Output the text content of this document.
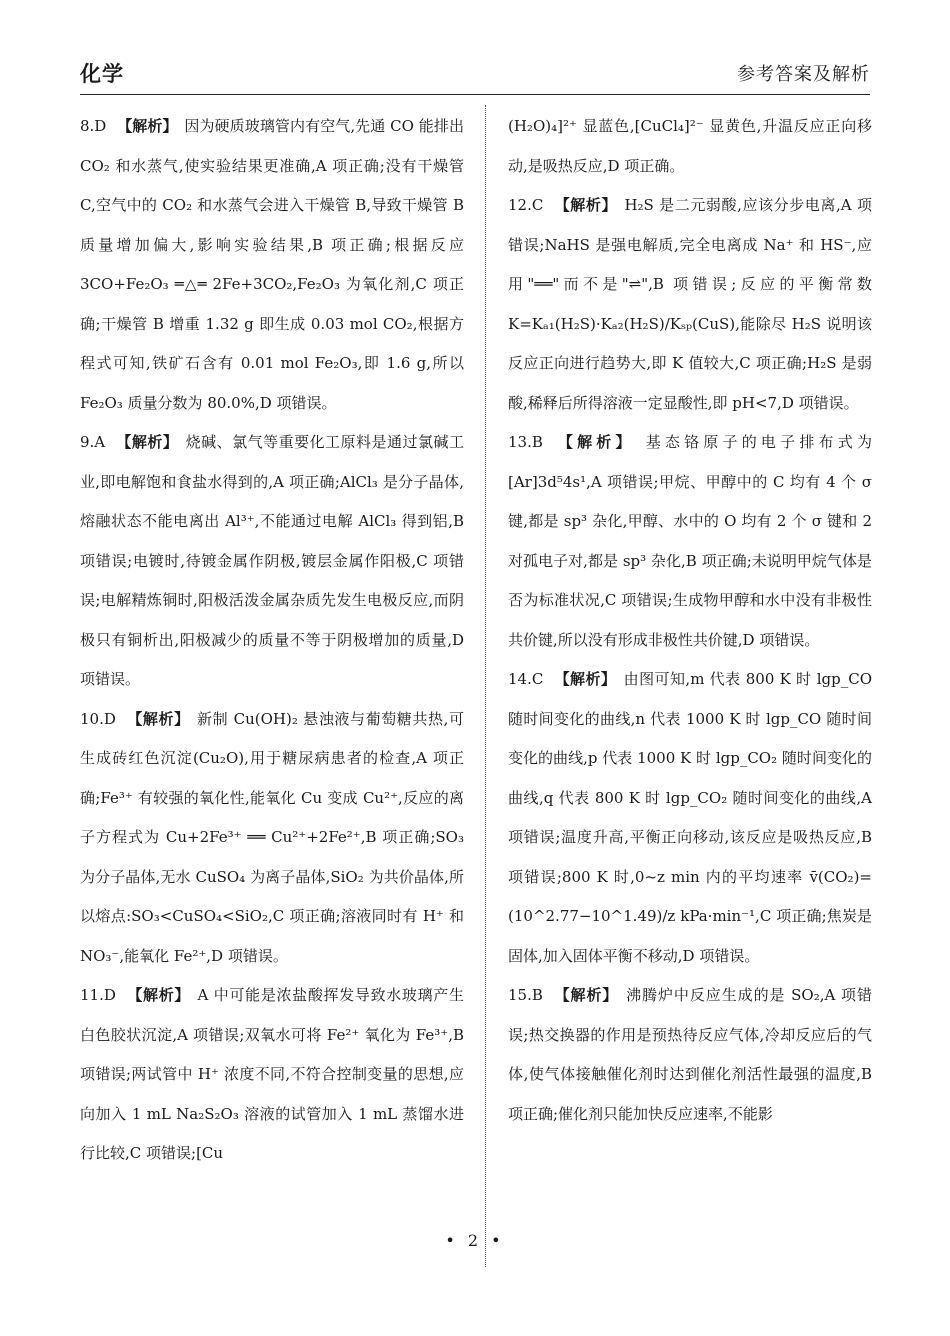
化学	参考答案及解析

8.D 【解析】 因为硬质玻璃管内有空气,先通 CO 能排出 CO₂ 和水蒸气,使实验结果更准确,A 项正确;没有干燥管 C,空气中的 CO₂ 和水蒸气会进入干燥管 B,导致干燥管 B 质量增加偏大,影响实验结果,B 项正确;根据反应 3CO+Fe₂O₃ ═△═ 2Fe+3CO₂,Fe₂O₃ 为氧化剂,C 项正确;干燥管 B 增重 1.32 g 即生成 0.03 mol CO₂,根据方程式可知,铁矿石含有 0.01 mol Fe₂O₃,即 1.6 g,所以 Fe₂O₃ 质量分数为 80.0%,D 项错误。

9.A 【解析】 烧碱、氯气等重要化工原料是通过氯碱工业,即电解饱和食盐水得到的,A 项正确;AlCl₃ 是分子晶体,熔融状态不能电离出 Al³⁺,不能通过电解 AlCl₃ 得到铝,B 项错误;电镀时,待镀金属作阴极,镀层金属作阳极,C 项错误;电解精炼铜时,阳极活泼金属杂质先发生电极反应,而阴极只有铜析出,阳极减少的质量不等于阴极增加的质量,D 项错误。

10.D 【解析】 新制 Cu(OH)₂ 悬浊液与葡萄糖共热,可生成砖红色沉淀(Cu₂O),用于糖尿病患者的检查,A 项正确;Fe³⁺ 有较强的氧化性,能氧化 Cu 变成 Cu²⁺,反应的离子方程式为 Cu+2Fe³⁺ ══ Cu²⁺+2Fe²⁺,B 项正确;SO₃ 为分子晶体,无水 CuSO₄ 为离子晶体,SiO₂ 为共价晶体,所以熔点:SO₃<CuSO₄<SiO₂,C 项正确;溶液同时有 H⁺ 和 NO₃⁻,能氧化 Fe²⁺,D 项错误。

11.D 【解析】 A 中可能是浓盐酸挥发导致水玻璃产生白色胶状沉淀,A 项错误;双氧水可将 Fe²⁺ 氧化为 Fe³⁺,B 项错误;两试管中 H⁺ 浓度不同,不符合控制变量的思想,应向加入 1 mL Na₂S₂O₃ 溶液的试管加入 1 mL 蒸馏水进行比较,C 项错误;[Cu

(H₂O)₄]²⁺ 显蓝色,[CuCl₄]²⁻ 显黄色,升温反应正向移动,是吸热反应,D 项正确。

12.C 【解析】 H₂S 是二元弱酸,应该分步电离,A 项错误;NaHS 是强电解质,完全电离成 Na⁺ 和 HS⁻,应用"══"而不是"⇌",B 项错误;反应的平衡常数 K=Kₐ₁(H₂S)·Kₐ₂(H₂S)/Kₛₚ(CuS),能除尽 H₂S 说明该反应正向进行趋势大,即 K 值较大,C 项正确;H₂S 是弱酸,稀释后所得溶液一定显酸性,即 pH<7,D 项错误。

13.B 【解析】 基态铬原子的电子排布式为 [Ar]3d⁵4s¹,A 项错误;甲烷、甲醇中的 C 均有 4 个 σ 键,都是 sp³ 杂化,甲醇、水中的 O 均有 2 个 σ 键和 2 对孤电子对,都是 sp³ 杂化,B 项正确;未说明甲烷气体是否为标准状况,C 项错误;生成物甲醇和水中没有非极性共价键,所以没有形成非极性共价键,D 项错误。

14.C 【解析】 由图可知,m 代表 800 K 时 lgp_CO 随时间变化的曲线,n 代表 1000 K 时 lgp_CO 随时间变化的曲线,p 代表 1000 K 时 lgp_CO₂ 随时间变化的曲线,q 代表 800 K 时 lgp_CO₂ 随时间变化的曲线,A 项错误;温度升高,平衡正向移动,该反应是吸热反应,B 项错误;800 K 时,0~z min 内的平均速率 v̄(CO₂)=(10^2.77−10^1.49)/z kPa·min⁻¹,C 项正确;焦炭是固体,加入固体平衡不移动,D 项错误。

15.B 【解析】 沸腾炉中反应生成的是 SO₂,A 项错误;热交换器的作用是预热待反应气体,冷却反应后的气体,使气体接触催化剂时达到催化剂活性最强的温度,B 项正确;催化剂只能加快反应速率,不能影

• 2 •
